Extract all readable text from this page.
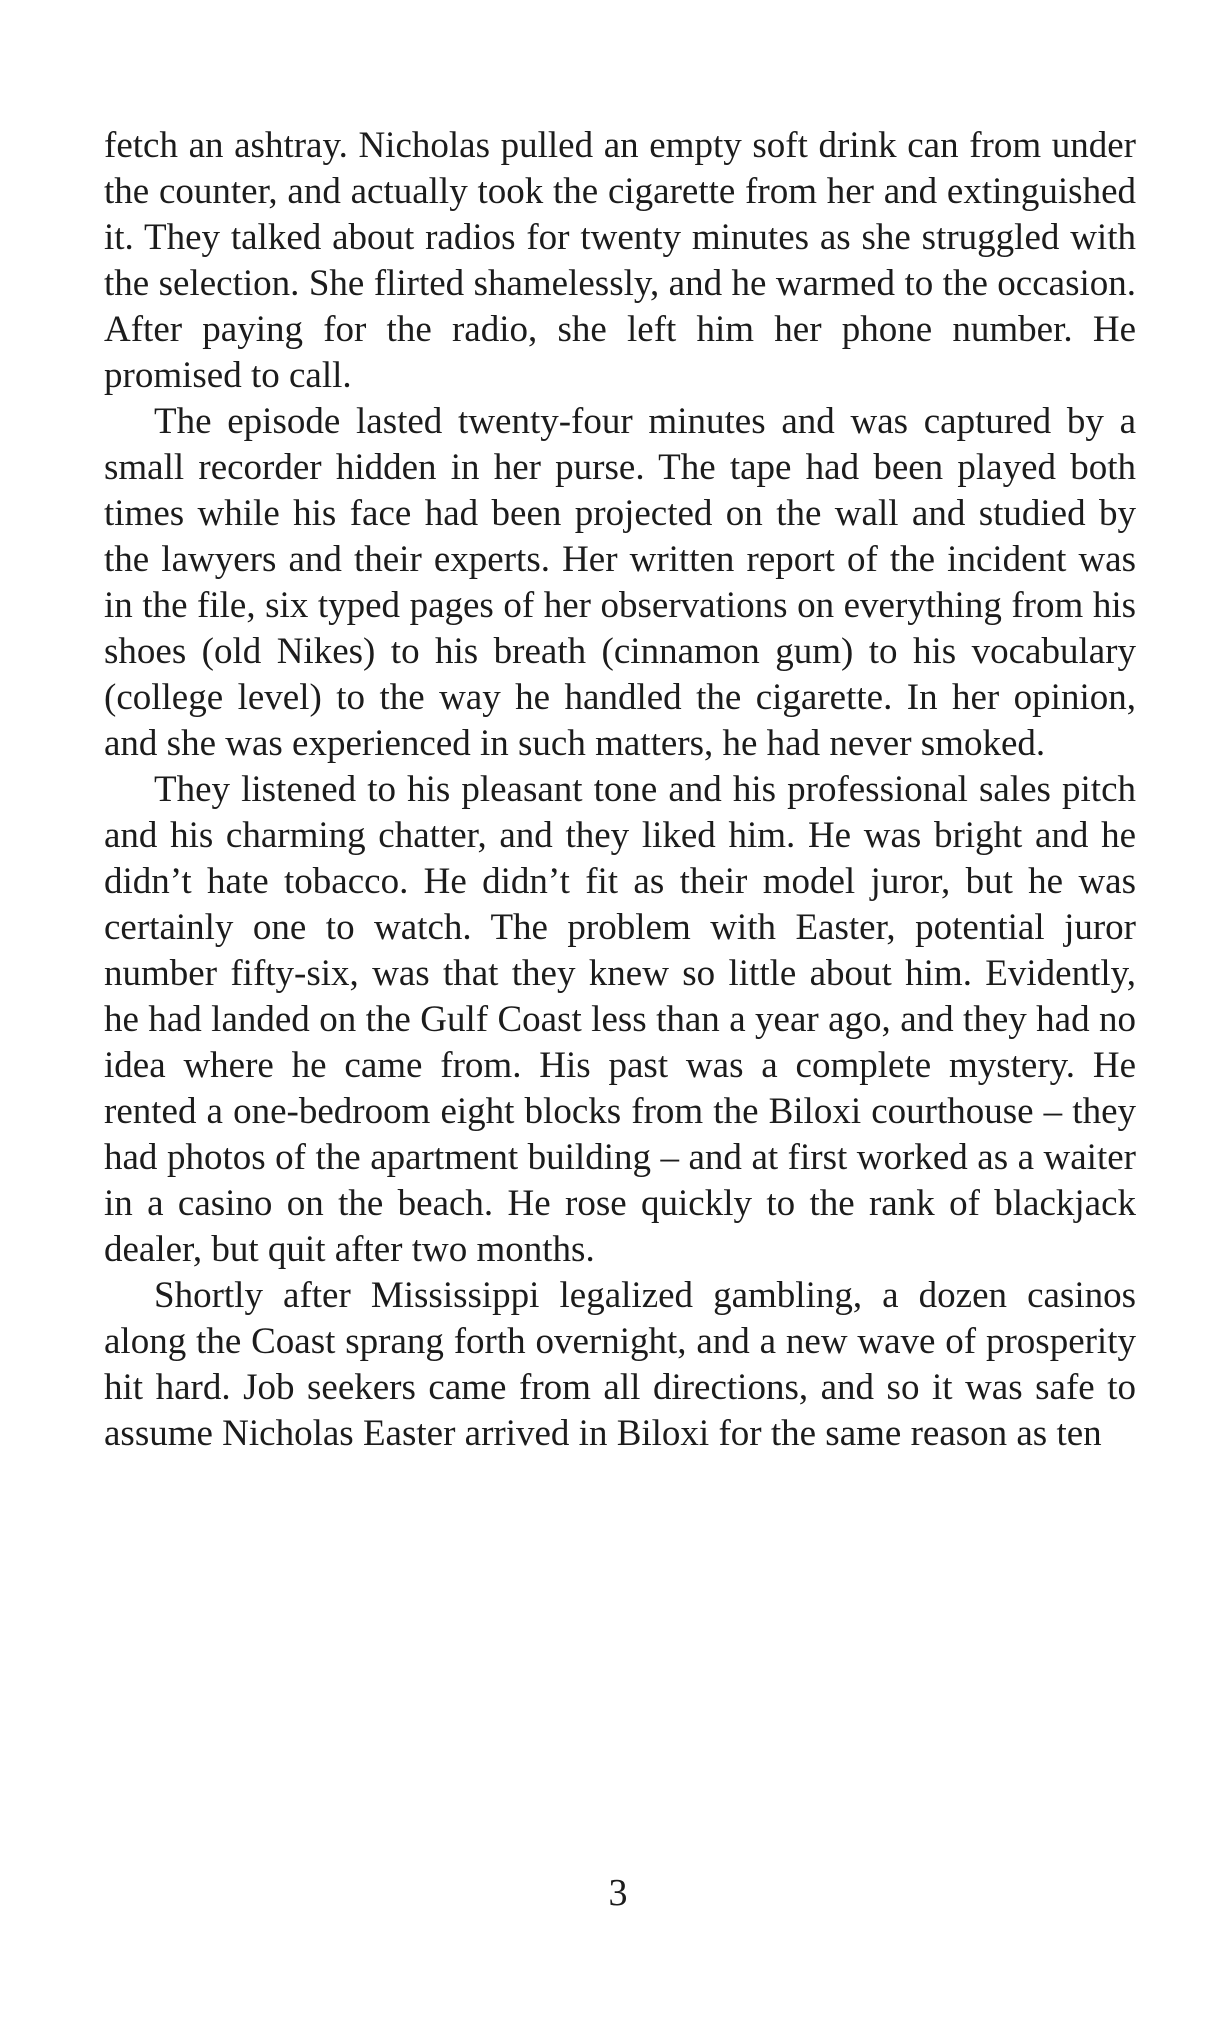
fetch an ashtray. Nicholas pulled an empty soft drink can from under the counter, and actually took the cigarette from her and extinguished it. They talked about radios for twenty minutes as she struggled with the selection. She flirted shamelessly, and he warmed to the occasion. After paying for the radio, she left him her phone number. He promised to call.

The episode lasted twenty-four minutes and was captured by a small recorder hidden in her purse. The tape had been played both times while his face had been projected on the wall and studied by the lawyers and their experts. Her written report of the incident was in the file, six typed pages of her observations on everything from his shoes (old Nikes) to his breath (cinnamon gum) to his vocabulary (college level) to the way he handled the cigarette. In her opinion, and she was experienced in such matters, he had never smoked.

They listened to his pleasant tone and his professional sales pitch and his charming chatter, and they liked him. He was bright and he didn’t hate tobacco. He didn’t fit as their model juror, but he was certainly one to watch. The problem with Easter, potential juror number fifty-six, was that they knew so little about him. Evidently, he had landed on the Gulf Coast less than a year ago, and they had no idea where he came from. His past was a complete mystery. He rented a one-bedroom eight blocks from the Biloxi courthouse – they had photos of the apartment building – and at first worked as a waiter in a casino on the beach. He rose quickly to the rank of blackjack dealer, but quit after two months.

Shortly after Mississippi legalized gambling, a dozen casinos along the Coast sprang forth overnight, and a new wave of prosperity hit hard. Job seekers came from all directions, and so it was safe to assume Nicholas Easter arrived in Biloxi for the same reason as ten

3
